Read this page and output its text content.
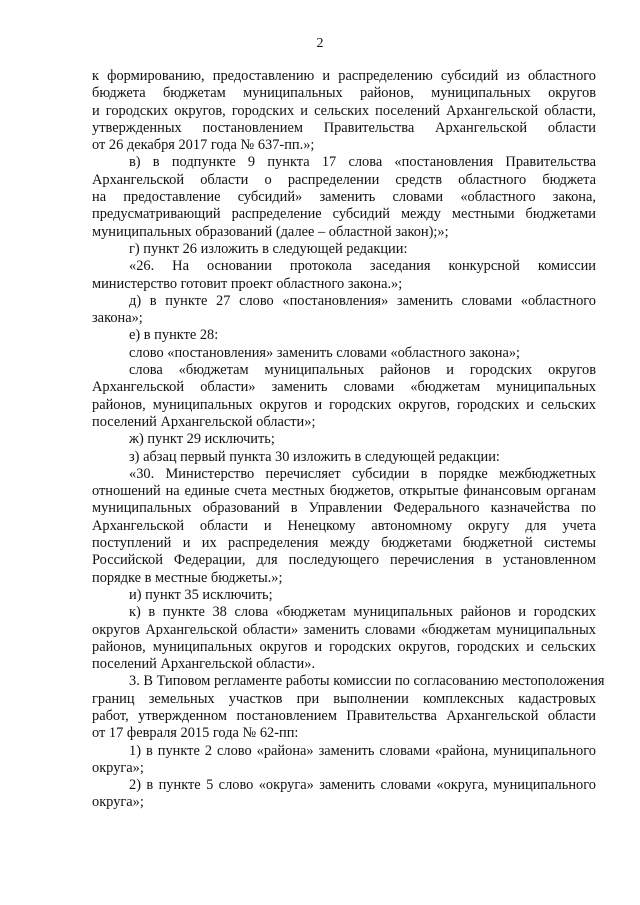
2
к формированию, предоставлению и распределению субсидий из областного
бюджета бюджетам муниципальных районов, муниципальных округов
и городских округов, городских и сельских поселений Архангельской области,
утвержденных постановлением Правительства Архангельской области
от 26 декабря 2017 года № 637-пп.»;
в) в подпункте 9 пункта 17 слова «постановления Правительства
Архангельской области о распределении средств областного бюджета
на предоставление субсидий» заменить словами «областного закона,
предусматривающий распределение субсидий между местными бюджетами
муниципальных образований (далее – областной закон);»;
г) пункт 26 изложить в следующей редакции:
«26. На основании протокола заседания конкурсной комиссии
министерство готовит проект областного закона.»;
д) в пункте 27 слово «постановления» заменить словами «областного
закона»;
е) в пункте 28:
слово «постановления» заменить словами «областного закона»;
слова «бюджетам муниципальных районов и городских округов
Архангельской области» заменить словами «бюджетам муниципальных
районов, муниципальных округов и городских округов, городских и сельских
поселений Архангельской области»;
ж) пункт 29 исключить;
з) абзац первый пункта 30 изложить в следующей редакции:
«30. Министерство перечисляет субсидии в порядке межбюджетных
отношений на единые счета местных бюджетов, открытые финансовым органам
муниципальных образований в Управлении Федерального казначейства по
Архангельской области и Ненецкому автономному округу для учета
поступлений и их распределения между бюджетами бюджетной системы
Российской Федерации, для последующего перечисления в установленном
порядке в местные бюджеты.»;
и) пункт 35 исключить;
к) в пункте 38 слова «бюджетам муниципальных районов и городских
округов Архангельской области» заменить словами «бюджетам муниципальных
районов, муниципальных округов и городских округов, городских и сельских
поселений Архангельской области».
3. В Типовом регламенте работы комиссии по согласованию местоположения
границ земельных участков при выполнении комплексных кадастровых
работ, утвержденном постановлением Правительства Архангельской области
от 17 февраля 2015 года № 62-пп:
1) в пункте 2 слово «района» заменить словами «района, муниципального
округа»;
2) в пункте 5 слово «округа» заменить словами «округа, муниципального
округа»;
